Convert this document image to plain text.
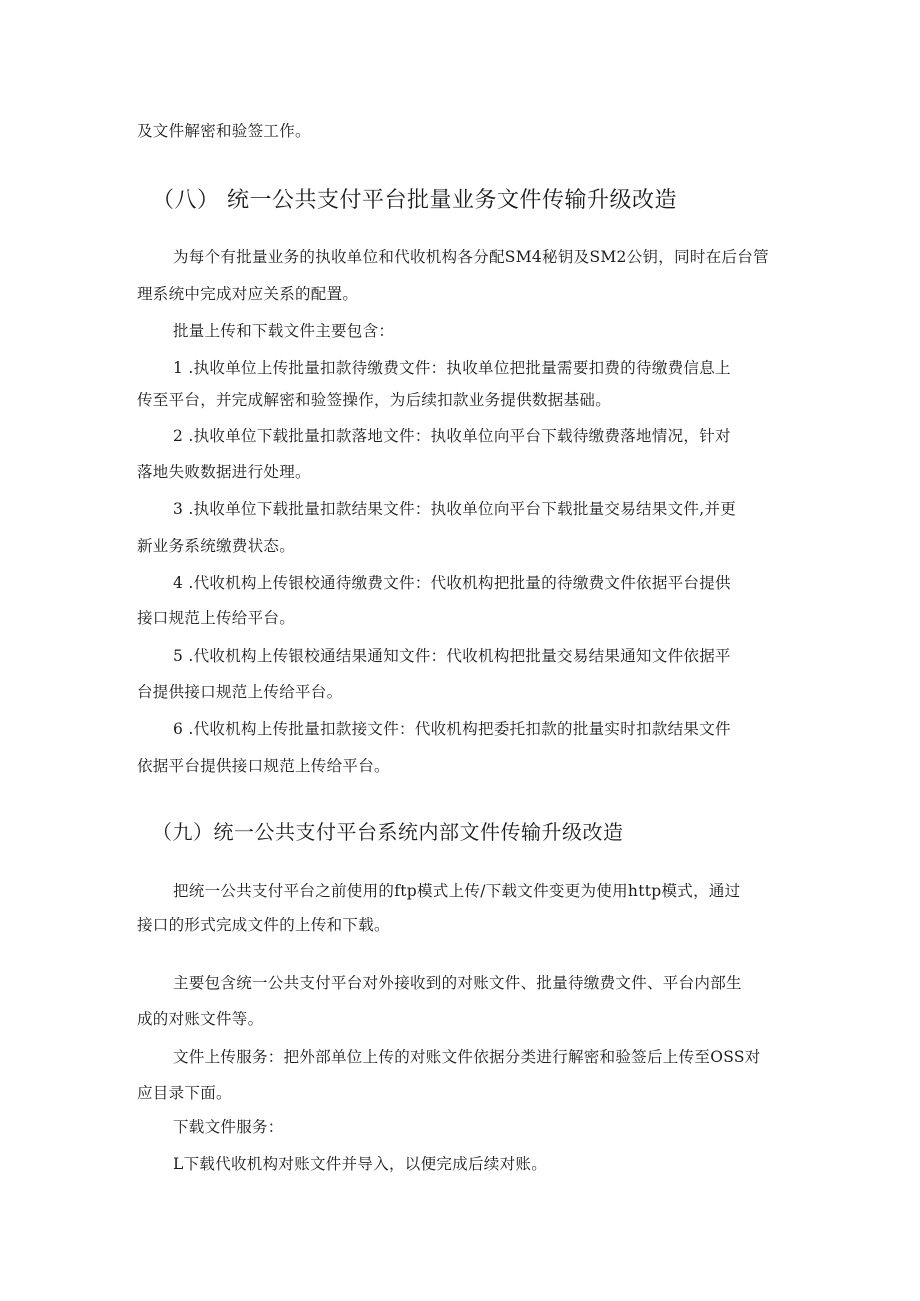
及文件解密和验签工作。
（八） 统一公共支付平台批量业务文件传输升级改造
为每个有批量业务的执收单位和代收机构各分配SM4秘钥及SM2公钥，同时在后台管
理系统中完成对应关系的配置。
批量上传和下载文件主要包含：
1 .执收单位上传批量扣款待缴费文件：执收单位把批量需要扣费的待缴费信息上
传至平台，并完成解密和验签操作，为后续扣款业务提供数据基础。
2 .执收单位下载批量扣款落地文件：执收单位向平台下载待缴费落地情况，针对
落地失败数据进行处理。
3 .执收单位下载批量扣款结果文件：执收单位向平台下载批量交易结果文件,并更
新业务系统缴费状态。
4 .代收机构上传银校通待缴费文件：代收机构把批量的待缴费文件依据平台提供
接口规范上传给平台。
5 .代收机构上传银校通结果通知文件：代收机构把批量交易结果通知文件依据平
台提供接口规范上传给平台。
6 .代收机构上传批量扣款接文件：代收机构把委托扣款的批量实时扣款结果文件
依据平台提供接口规范上传给平台。
（九）统一公共支付平台系统内部文件传输升级改造
把统一公共支付平台之前使用的ftp模式上传/下载文件变更为使用http模式，通过
接口的形式完成文件的上传和下载。
主要包含统一公共支付平台对外接收到的对账文件、批量待缴费文件、平台内部生
成的对账文件等。
文件上传服务：把外部单位上传的对账文件依据分类进行解密和验签后上传至OSS对
应目录下面。
下载文件服务：
L下载代收机构对账文件并导入，以便完成后续对账。
